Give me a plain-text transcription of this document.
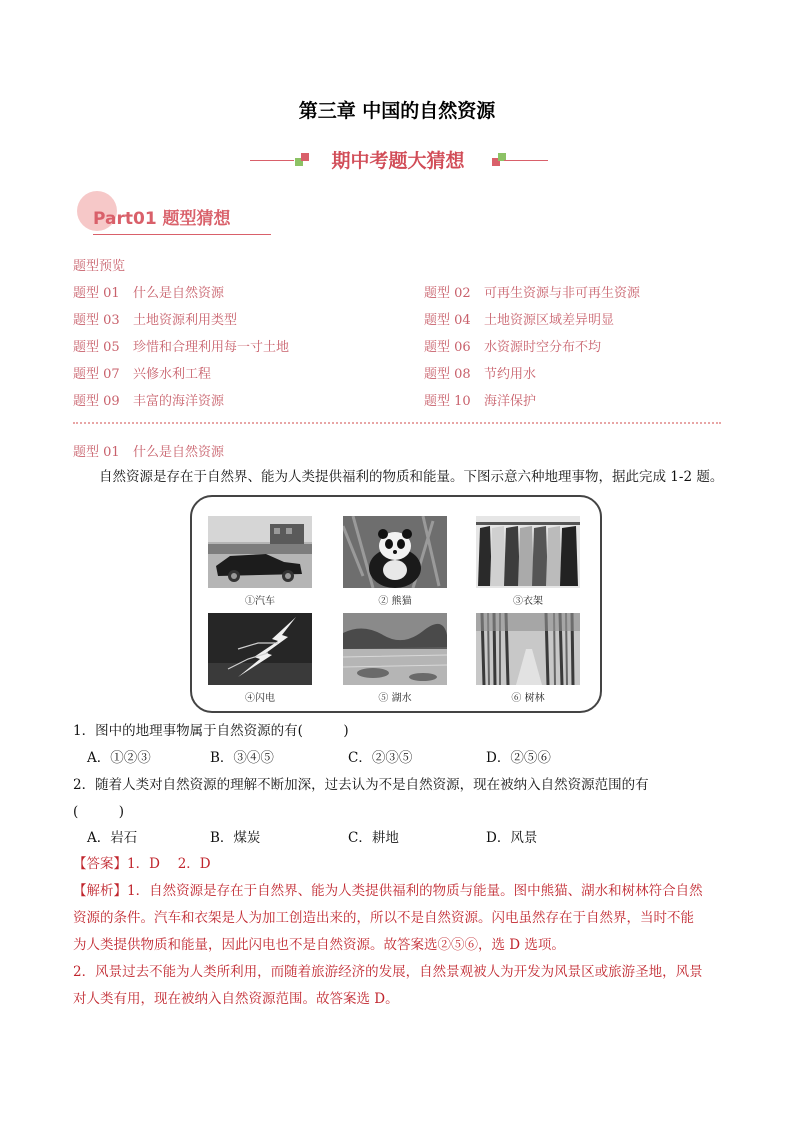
第三章 中国的自然资源
期中考题大猜想
Part01 题型猜想
题型预览
题型 01 什么是自然资源	题型 02 可再生资源与非可再生资源
题型 03 土地资源利用类型	题型 04 土地资源区域差异明显
题型 05 珍惜和合理利用每一寸土地	题型 06 水资源时空分布不均
题型 07 兴修水利工程	题型 08 节约用水
题型 09 丰富的海洋资源	题型 10 海洋保护
题型 01 什么是自然资源
自然资源是存在于自然界、能为人类提供福利的物质和能量。下图示意六种地理事物，据此完成 1-2 题。
①汽车	② 熊猫	③衣架
④闪电	⑤ 湖水	⑥ 树林
1．图中的地理事物属于自然资源的有(　　　)
A．①②③	B．③④⑤	C．②③⑤	D．②⑤⑥
2．随着人类对自然资源的理解不断加深，过去认为不是自然资源，现在被纳入自然资源范围的有
(　　　)
A．岩石	B．煤炭	C．耕地	D．风景
【答案】1．D　 2．D
【解析】1．自然资源是存在于自然界、能为人类提供福利的物质与能量。图中熊猫、湖水和树林符合自然
资源的条件。汽车和衣架是人为加工创造出来的，所以不是自然资源。闪电虽然存在于自然界，当时不能
为人类提供物质和能量，因此闪电也不是自然资源。故答案选②⑤⑥，选 D 选项。
2．风景过去不能为人类所利用，而随着旅游经济的发展，自然景观被人为开发为风景区或旅游圣地，风景
对人类有用，现在被纳入自然资源范围。故答案选 D。
